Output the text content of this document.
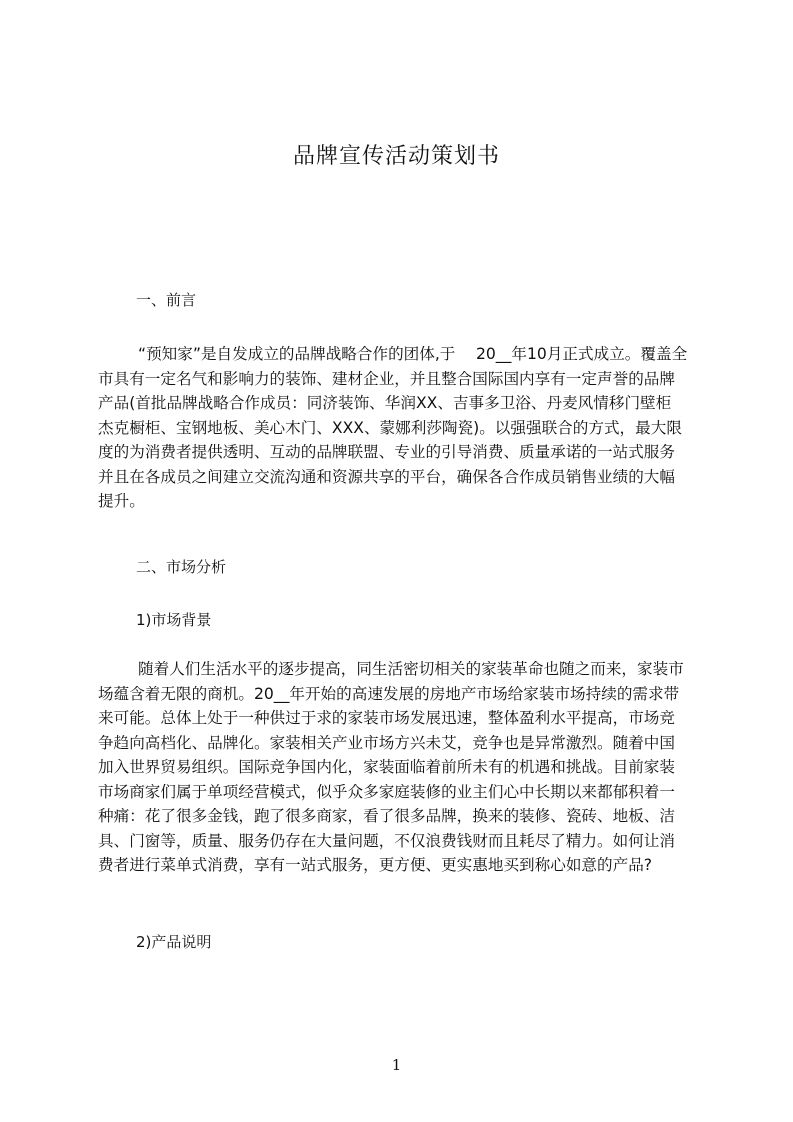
品牌宣传活动策划书
一、前言
“预知家”是自发成立的品牌战略合作的团体,于　 20__年10月正式成立。覆盖全
市具有一定名气和影响力的装饰、建材企业，并且整合国际国内享有一定声誉的品牌
产品(首批品牌战略合作成员：同济装饰、华润XX、吉事多卫浴、丹麦风情移门壁柜
杰克橱柜、宝钢地板、美心木门、XXX、蒙娜利莎陶瓷)。以强强联合的方式，最大限
度的为消费者提供透明、互动的品牌联盟、专业的引导消费、质量承诺的一站式服务
并且在各成员之间建立交流沟通和资源共享的平台，确保各合作成员销售业绩的大幅
提升。
二、市场分析
1)市场背景
随着人们生活水平的逐步提高，同生活密切相关的家装革命也随之而来，家装市
场蕴含着无限的商机。20__年开始的高速发展的房地产市场给家装市场持续的需求带
来可能。总体上处于一种供过于求的家装市场发展迅速，整体盈利水平提高，市场竞
争趋向高档化、品牌化。家装相关产业市场方兴未艾，竞争也是异常激烈。随着中国
加入世界贸易组织。国际竞争国内化，家装面临着前所未有的机遇和挑战。目前家装
市场商家们属于单项经营模式，似乎众多家庭装修的业主们心中长期以来都郁积着一
种痛：花了很多金钱，跑了很多商家，看了很多品牌，换来的装修、瓷砖、地板、洁
具、门窗等，质量、服务仍存在大量问题，不仅浪费钱财而且耗尽了精力。如何让消
费者进行菜单式消费，享有一站式服务，更方便、更实惠地买到称心如意的产品?
2)产品说明
1
